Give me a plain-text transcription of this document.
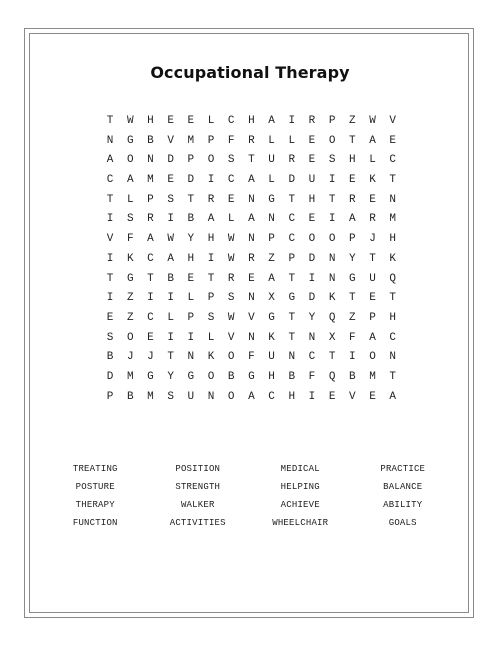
Occupational Therapy
T	W	H	E	E	L	C	H	A	I	R	P	Z	W	V
N	G	B	V	M	P	F	R	L	L	E	O	T	A	E
A	O	N	D	P	O	S	T	U	R	E	S	H	L	C
C	A	M	E	D	I	C	A	L	D	U	I	E	K	T
T	L	P	S	T	R	E	N	G	T	H	T	R	E	N
I	S	R	I	B	A	L	A	N	C	E	I	A	R	M
V	F	A	W	Y	H	W	N	P	C	O	O	P	J	H
I	K	C	A	H	I	W	R	Z	P	D	N	Y	T	K
T	G	T	B	E	T	R	E	A	T	I	N	G	U	Q
I	Z	I	I	L	P	S	N	X	G	D	K	T	E	T
E	Z	C	L	P	S	W	V	G	T	Y	Q	Z	P	H
S	O	E	I	I	L	V	N	K	T	N	X	F	A	C
B	J	J	T	N	K	O	F	U	N	C	T	I	O	N
D	M	G	Y	G	O	B	G	H	B	F	Q	B	M	T
P	B	M	S	U	N	O	A	C	H	I	E	V	E	A
TREATING	POSITION	MEDICAL	PRACTICE
POSTURE	STRENGTH	HELPING	BALANCE
THERAPY	WALKER	ACHIEVE	ABILITY
FUNCTION	ACTIVITIES	WHEELCHAIR	GOALS
